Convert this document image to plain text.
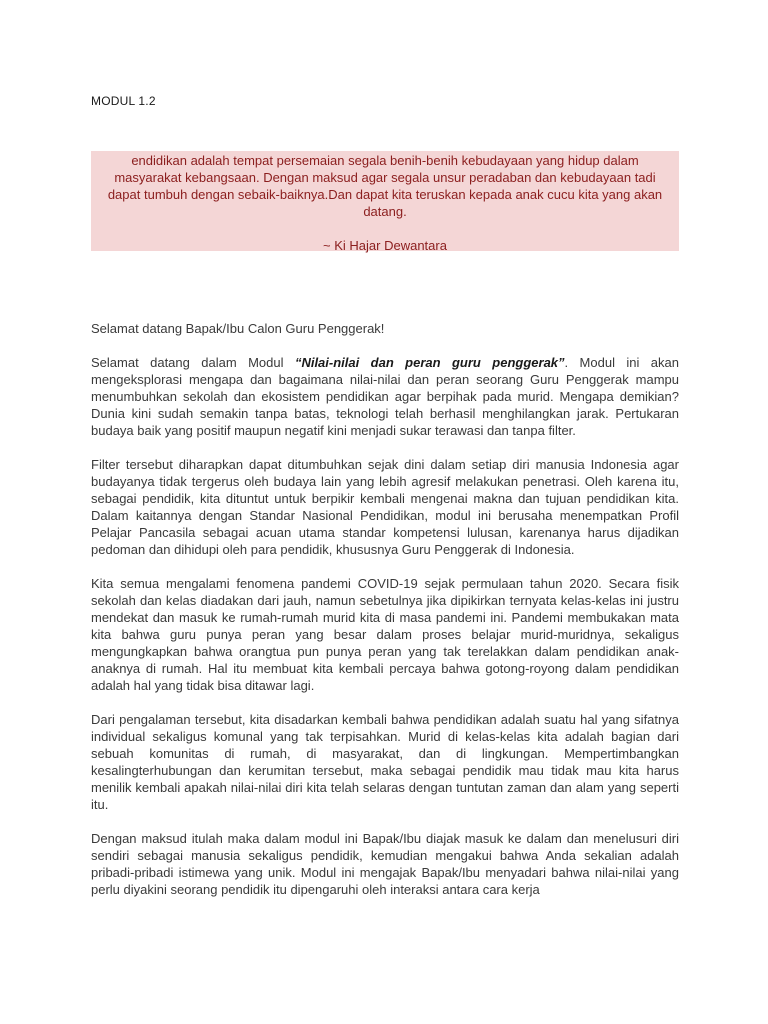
MODUL 1.2

endidikan adalah tempat persemaian segala benih-benih kebudayaan yang hidup dalam masyarakat kebangsaan. Dengan maksud agar segala unsur peradaban dan kebudayaan tadi dapat tumbuh dengan sebaik-baiknya.Dan dapat kita teruskan kepada anak cucu kita yang akan datang.

~ Ki Hajar Dewantara

Selamat datang Bapak/Ibu Calon Guru Penggerak!

Selamat datang dalam Modul “Nilai-nilai dan peran guru penggerak”. Modul ini akan mengeksplorasi mengapa dan bagaimana nilai-nilai dan peran seorang Guru Penggerak mampu menumbuhkan sekolah dan ekosistem pendidikan agar berpihak pada murid. Mengapa demikian? Dunia kini sudah semakin tanpa batas, teknologi telah berhasil menghilangkan jarak. Pertukaran budaya baik yang positif maupun negatif kini menjadi sukar terawasi dan tanpa filter.

Filter tersebut diharapkan dapat ditumbuhkan sejak dini dalam setiap diri manusia Indonesia agar budayanya tidak tergerus oleh budaya lain yang lebih agresif melakukan penetrasi. Oleh karena itu, sebagai pendidik, kita dituntut untuk berpikir kembali mengenai makna dan tujuan pendidikan kita. Dalam kaitannya dengan Standar Nasional Pendidikan, modul ini berusaha menempatkan Profil Pelajar Pancasila sebagai acuan utama standar kompetensi lulusan, karenanya harus dijadikan pedoman dan dihidupi oleh para pendidik, khususnya Guru Penggerak di Indonesia.

Kita semua mengalami fenomena pandemi COVID-19 sejak permulaan tahun 2020. Secara fisik sekolah dan kelas diadakan dari jauh, namun sebetulnya jika dipikirkan ternyata kelas-kelas ini justru mendekat dan masuk ke rumah-rumah murid kita di masa pandemi ini. Pandemi membukakan mata kita bahwa guru punya peran yang besar dalam proses belajar murid-muridnya, sekaligus mengungkapkan bahwa orangtua pun punya peran yang tak terelakkan dalam pendidikan anak-anaknya di rumah. Hal itu membuat kita kembali percaya bahwa gotong-royong dalam pendidikan adalah hal yang tidak bisa ditawar lagi.

Dari pengalaman tersebut, kita disadarkan kembali bahwa pendidikan adalah suatu hal yang sifatnya individual sekaligus komunal yang tak terpisahkan. Murid di kelas-kelas kita adalah bagian dari sebuah komunitas di rumah, di masyarakat, dan di lingkungan. Mempertimbangkan kesalingterhubungan dan kerumitan tersebut, maka sebagai pendidik mau tidak mau kita harus menilik kembali apakah nilai-nilai diri kita telah selaras dengan tuntutan zaman dan alam yang seperti itu.

Dengan maksud itulah maka dalam modul ini Bapak/Ibu diajak masuk ke dalam dan menelusuri diri sendiri sebagai manusia sekaligus pendidik, kemudian mengakui bahwa Anda sekalian adalah pribadi-pribadi istimewa yang unik. Modul ini mengajak Bapak/Ibu menyadari bahwa nilai-nilai yang perlu diyakini seorang pendidik itu dipengaruhi oleh interaksi antara cara kerja
